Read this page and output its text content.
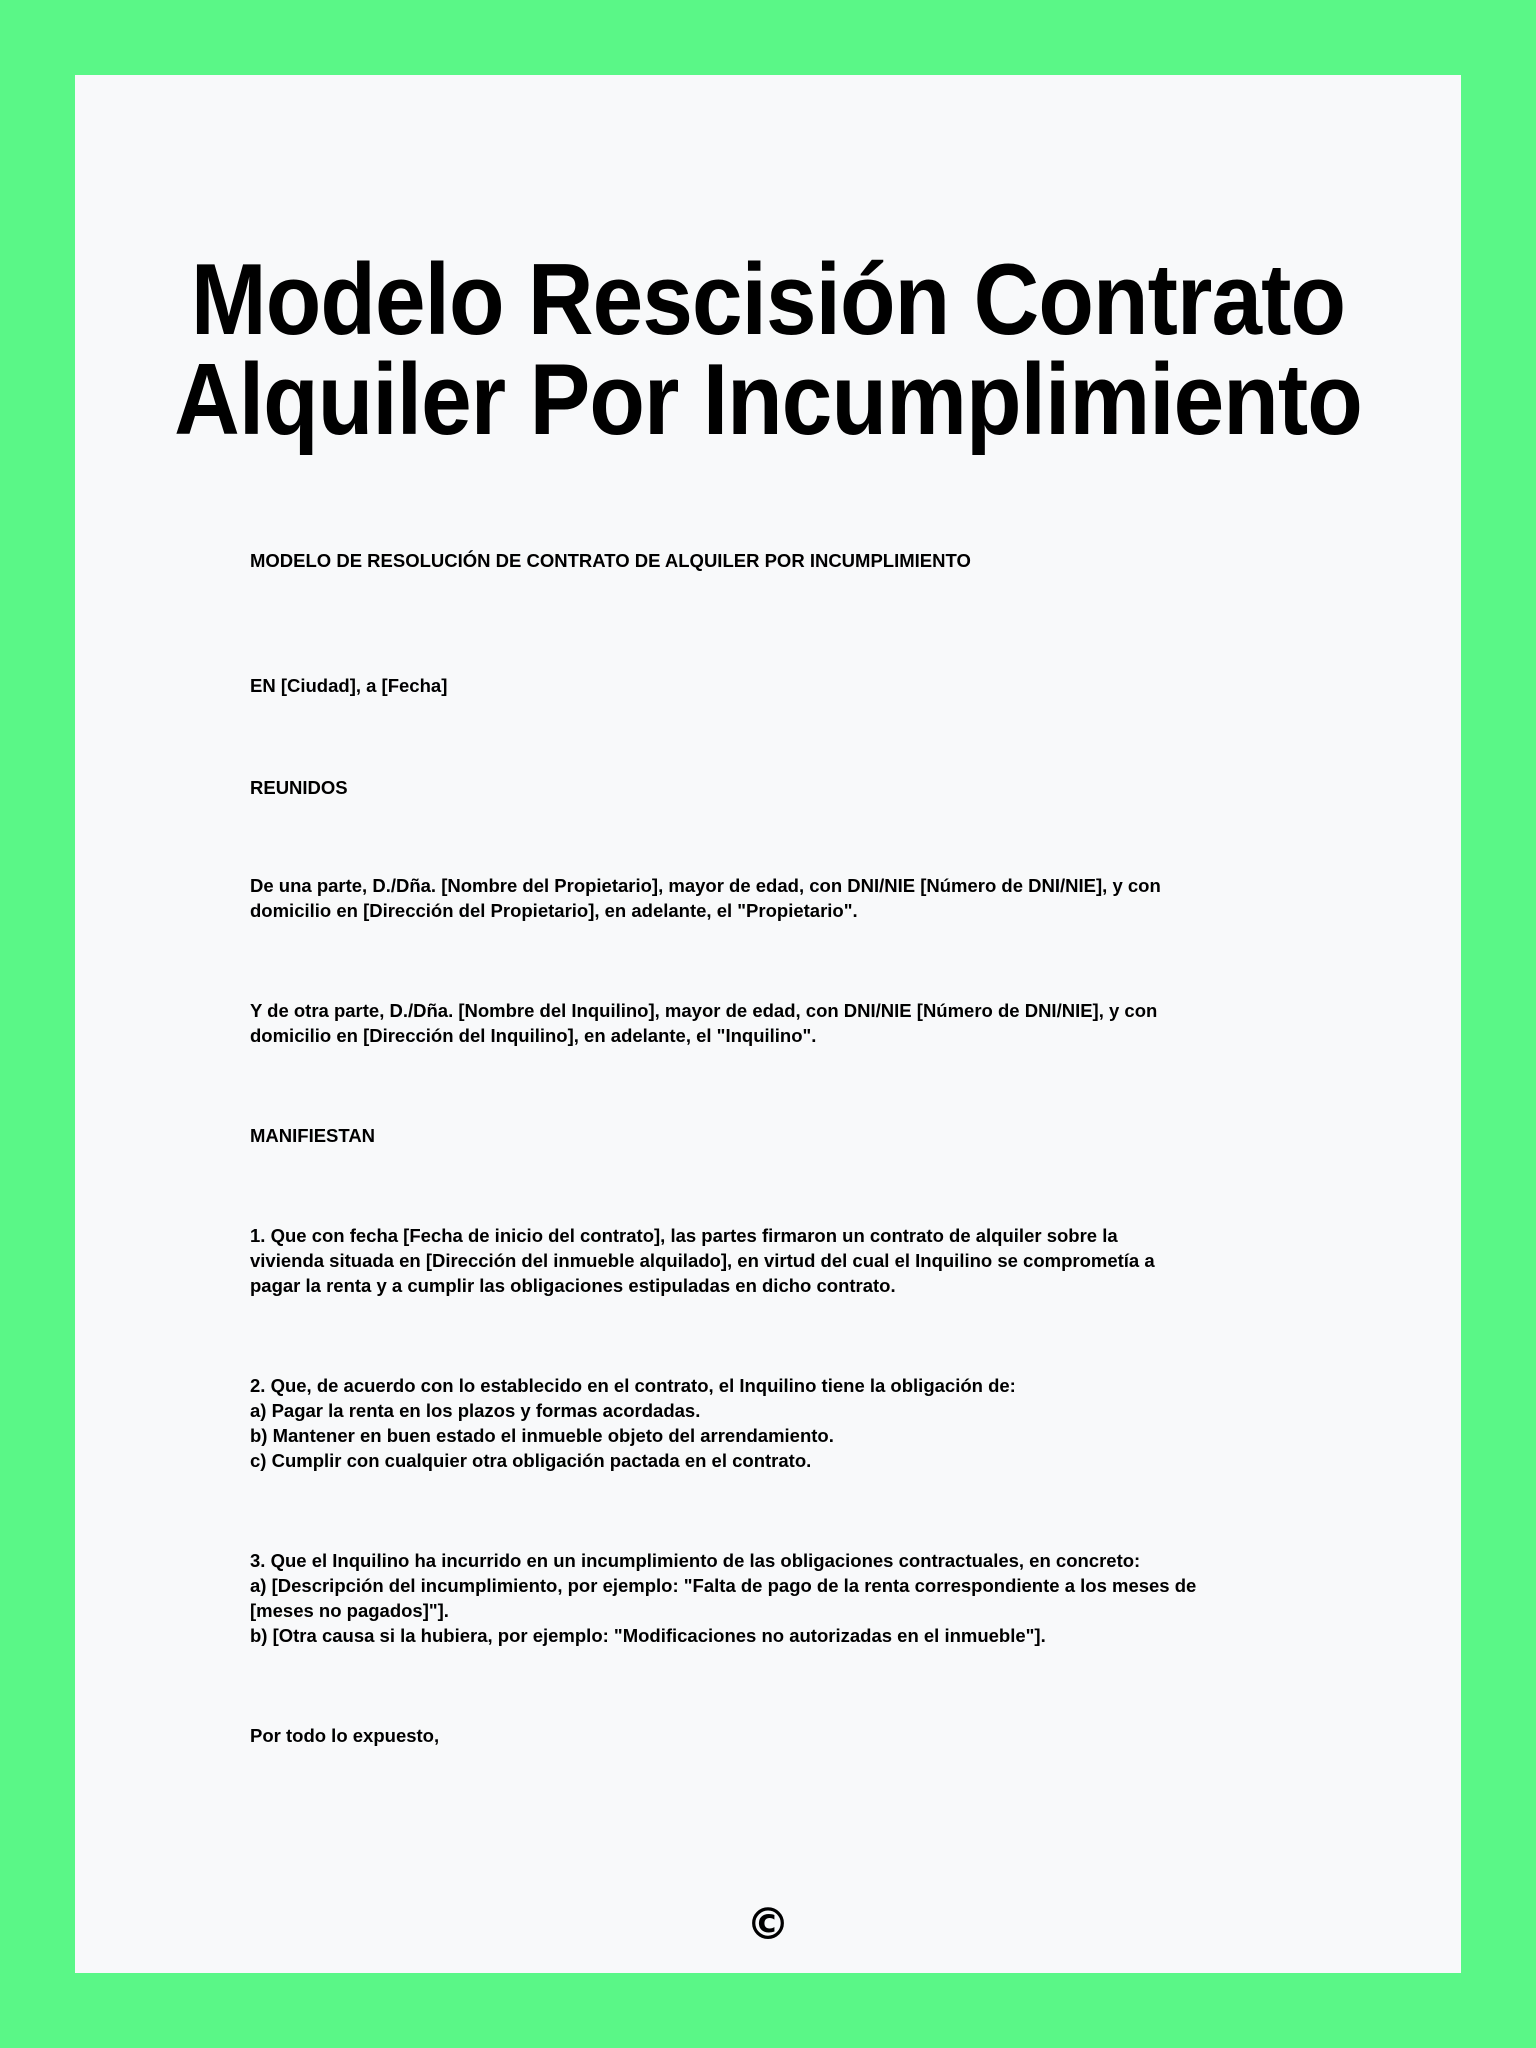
Modelo Rescisión Contrato
Alquiler Por Incumplimiento

MODELO DE RESOLUCIÓN DE CONTRATO DE ALQUILER POR INCUMPLIMIENTO

EN [Ciudad], a [Fecha]

REUNIDOS

De una parte, D./Dña. [Nombre del Propietario], mayor de edad, con DNI/NIE [Número de DNI/NIE], y con
domicilio en [Dirección del Propietario], en adelante, el "Propietario".

Y de otra parte, D./Dña. [Nombre del Inquilino], mayor de edad, con DNI/NIE [Número de DNI/NIE], y con
domicilio en [Dirección del Inquilino], en adelante, el "Inquilino".

MANIFIESTAN

1. Que con fecha [Fecha de inicio del contrato], las partes firmaron un contrato de alquiler sobre la
vivienda situada en [Dirección del inmueble alquilado], en virtud del cual el Inquilino se comprometía a
pagar la renta y a cumplir las obligaciones estipuladas en dicho contrato.

2. Que, de acuerdo con lo establecido en el contrato, el Inquilino tiene la obligación de:
a) Pagar la renta en los plazos y formas acordadas.
b) Mantener en buen estado el inmueble objeto del arrendamiento.
c) Cumplir con cualquier otra obligación pactada en el contrato.

3. Que el Inquilino ha incurrido en un incumplimiento de las obligaciones contractuales, en concreto:
a) [Descripción del incumplimiento, por ejemplo: "Falta de pago de la renta correspondiente a los meses de
[meses no pagados]"].
b) [Otra causa si la hubiera, por ejemplo: "Modificaciones no autorizadas en el inmueble"].

Por todo lo expuesto,

©
